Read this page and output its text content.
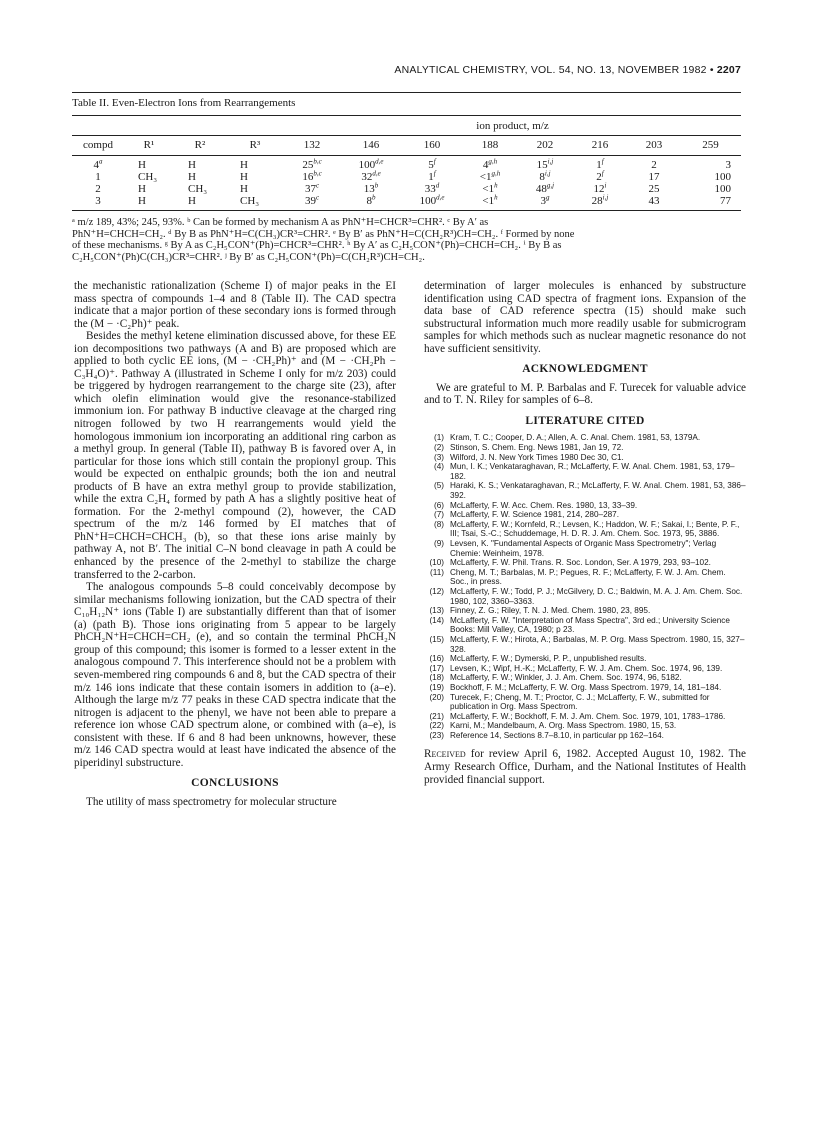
ANALYTICAL CHEMISTRY, VOL. 54, NO. 13, NOVEMBER 1982 • 2207
Table II. Even-Electron Ions from Rearrangements
				ion product, m/z							
compd	R¹	R²	R³	132	146	160	188	202	216	203	259
4$^a$	H	H	H	25$^{b,c}$	100$^{d,e}$	5$^f$	4$^{g,h}$	15$^{i,j}$	1$^f$	2	3
1	CH₃	H	H	16$^{b,c}$	32$^{d,e}$	$1^f$	$<1^{g,h}$	8$^{i,j}$	2$^f$	17	100
2	H	CH₃	H	37$^c$	13$^b$	$33^d$	$<1^h$	48$^{g,j}$	12$^i$	25	100
3	H	H	CH₃	39$^c$	8$^b$	$100^{d,e}$	$<1^h$	3$^g$	28$^{i,j}$	43	77

ᵃ m/z 189, 43%; 245, 93%. ᵇ Can be formed by mechanism A as PhN⁺H=CHCR³=CHR². ᶜ By A′ as

PhN⁺H=CHCH=CH₂. ᵈ By B as PhN⁺H=C(CH₃)CR³=CHR². ᵉ By B′ as PhN⁺H=C(CH₂R³)CH=CH₂. ᶠ Formed by none

of these mechanisms. ᵍ By A as C₂H₅CON⁺(Ph)=CHCR³=CHR². ʰ By A′ as C₂H₅CON⁺(Ph)=CHCH=CH₂. ⁱ By B as

C₂H₅CON⁺(Ph)C(CH₃)CR³=CHR². ʲ By B′ as C₂H₅CON⁺(Ph)=C(CH₂R³)CH=CH₂.

the mechanistic rationalization (Scheme I) of major peaks in the EI mass spectra of compounds 1–4 and 8 (Table II). The CAD spectra indicate that a major portion of these secondary ions is formed through the (M − ·C₂Ph)⁺ peak.

Besides the methyl ketene elimination discussed above, for these EE ion decompositions two pathways (A and B) are proposed which are applied to both cyclic EE ions, (M − ·CH₂Ph)⁺ and (M − ·CH₂Ph − C₃H₄O)⁺. Pathway A (illustrated in Scheme I only for m/z 203) could be triggered by hydrogen rearrangement to the charge site (23), after which olefin elimination would give the resonance-stabilized immonium ion. For pathway B inductive cleavage at the charged ring nitrogen followed by two H rearrangements would yield the homologous immonium ion incorporating an additional ring carbon as a methyl group. In general (Table II), pathway B is favored over A, in particular for those ions which still contain the propionyl group. This would be expected on enthalpic grounds; both the ion and neutral products of B have an extra methyl group to provide stabilization, while the extra C₂H₄ formed by path A has a slightly positive heat of formation. For the 2-methyl compound (2), however, the CAD spectrum of the m/z 146 formed by EI matches that of PhN⁺H=CHCH=CHCH₃ (b), so that these ions arise mainly by pathway A, not B′. The initial C–N bond cleavage in path A could be enhanced by the presence of the 2-methyl to stabilize the charge transferred to the 2-carbon.

The analogous compounds 5–8 could conceivably decompose by similar mechanisms following ionization, but the CAD spectra of their C₁₀H₁₂N⁺ ions (Table I) are substantially different than that of isomer (a) (path B). Those ions originating from 5 appear to be largely PhCH₂N⁺H=CHCH=CH₂ (e), and so contain the terminal PhCH₂N group of this compound; this isomer is formed to a lesser extent in the analogous compound 7. This interference should not be a problem with seven-membered ring compounds 6 and 8, but the CAD spectra of their m/z 146 ions indicate that these contain isomers in addition to (a–e). Although the large m/z 77 peaks in these CAD spectra indicate that the nitrogen is adjacent to the phenyl, we have not been able to prepare a reference ion whose CAD spectrum alone, or combined with (a–e), is consistent with these. If 6 and 8 had been unknowns, however, these m/z 146 CAD spectra would at least have indicated the absence of the piperidinyl substructure.

CONCLUSIONS

The utility of mass spectrometry for molecular structure

determination of larger molecules is enhanced by substructure identification using CAD spectra of fragment ions. Expansion of the data base of CAD reference spectra (15) should make such substructural information much more readily usable for submicrogram samples for which methods such as nuclear magnetic resonance do not have sufficient sensitivity.

ACKNOWLEDGMENT

We are grateful to M. P. Barbalas and F. Turecek for valuable advice and to T. N. Riley for samples of 6–8.

LITERATURE CITED
(1) Kram, T. C.; Cooper, D. A.; Allen, A. C. Anal. Chem. 1981, 53, 1379A.
(2) Stinson, S. Chem. Eng. News 1981, Jan 19, 72.
(3) Wilford, J. N. New York Times 1980 Dec 30, C1.
(4) Mun, I. K.; Venkataraghavan, R.; McLafferty, F. W. Anal. Chem. 1981, 53, 179–182.
(5) Haraki, K. S.; Venkataraghavan, R.; McLafferty, F. W. Anal. Chem. 1981, 53, 386–392.
(6) McLafferty, F. W. Acc. Chem. Res. 1980, 13, 33–39.
(7) McLafferty, F. W. Science 1981, 214, 280–287.
(8) McLafferty, F. W.; Kornfeld, R.; Levsen, K.; Haddon, W. F.; Sakai, I.; Bente, P. F., III; Tsai, S.-C.; Schuddemage, H. D. R. J. Am. Chem. Soc. 1973, 95, 3886.
(9) Levsen, K. "Fundamental Aspects of Organic Mass Spectrometry"; Verlag Chemie: Weinheim, 1978.
(10) McLafferty, F. W. Phil. Trans. R. Soc. London, Ser. A 1979, 293, 93–102.
(11) Cheng, M. T.; Barbalas, M. P.; Pegues, R. F.; McLafferty, F. W. J. Am. Chem. Soc., in press.
(12) McLafferty, F. W.; Todd, P. J.; McGilvery, D. C.; Baldwin, M. A. J. Am. Chem. Soc. 1980, 102, 3360–3363.
(13) Finney, Z. G.; Riley, T. N. J. Med. Chem. 1980, 23, 895.
(14) McLafferty, F. W. "Interpretation of Mass Spectra", 3rd ed.; University Science Books: Mill Valley, CA, 1980; p 23.
(15) McLafferty, F. W.; Hirota, A.; Barbalas, M. P. Org. Mass Spectrom. 1980, 15, 327–328.
(16) McLafferty, F. W.; Dymerski, P. P., unpublished results.
(17) Levsen, K.; Wipf, H.-K.; McLafferty, F. W. J. Am. Chem. Soc. 1974, 96, 139.
(18) McLafferty, F. W.; Winkler, J. J. Am. Chem. Soc. 1974, 96, 5182.
(19) Bockhoff, F. M.; McLafferty, F. W. Org. Mass Spectrom. 1979, 14, 181–184.
(20) Turecek, F.; Cheng, M. T.; Proctor, C. J.; McLafferty, F. W., submitted for publication in Org. Mass Spectrom.
(21) McLafferty, F. W.; Bockhoff, F. M. J. Am. Chem. Soc. 1979, 101, 1783–1786.
(22) Karni, M.; Mandelbaum, A. Org. Mass Spectrom. 1980, 15, 53.
(23) Reference 14, Sections 8.7–8.10, in particular pp 162–164.

Received for review April 6, 1982. Accepted August 10, 1982. The Army Research Office, Durham, and the National Institutes of Health provided financial support.
